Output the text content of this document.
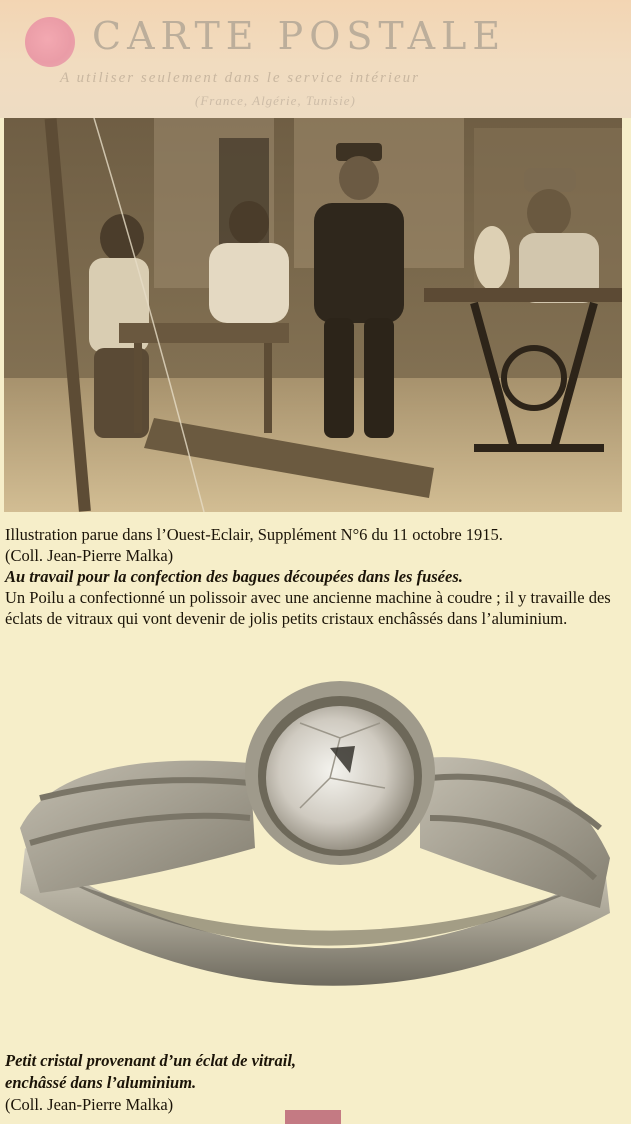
CARTE POSTALE
A utiliser seulement dans le service intérieur
(France, Algérie, Tunisie)

Illustration parue dans l’Ouest-Eclair, Supplément N°6 du 11 octobre 1915.

(Coll. Jean-Pierre Malka)

Au travail pour la confection des bagues découpées dans les fusées.

Un Poilu a confectionné un polissoir avec une ancienne machine à coudre ; il y travaille des éclats de vitraux qui vont devenir de jolis petits cristaux enchâssés dans l’aluminium.

Petit cristal provenant d’un éclat de vitrail,

enchâssé dans l’aluminium.

(Coll. Jean-Pierre Malka)
